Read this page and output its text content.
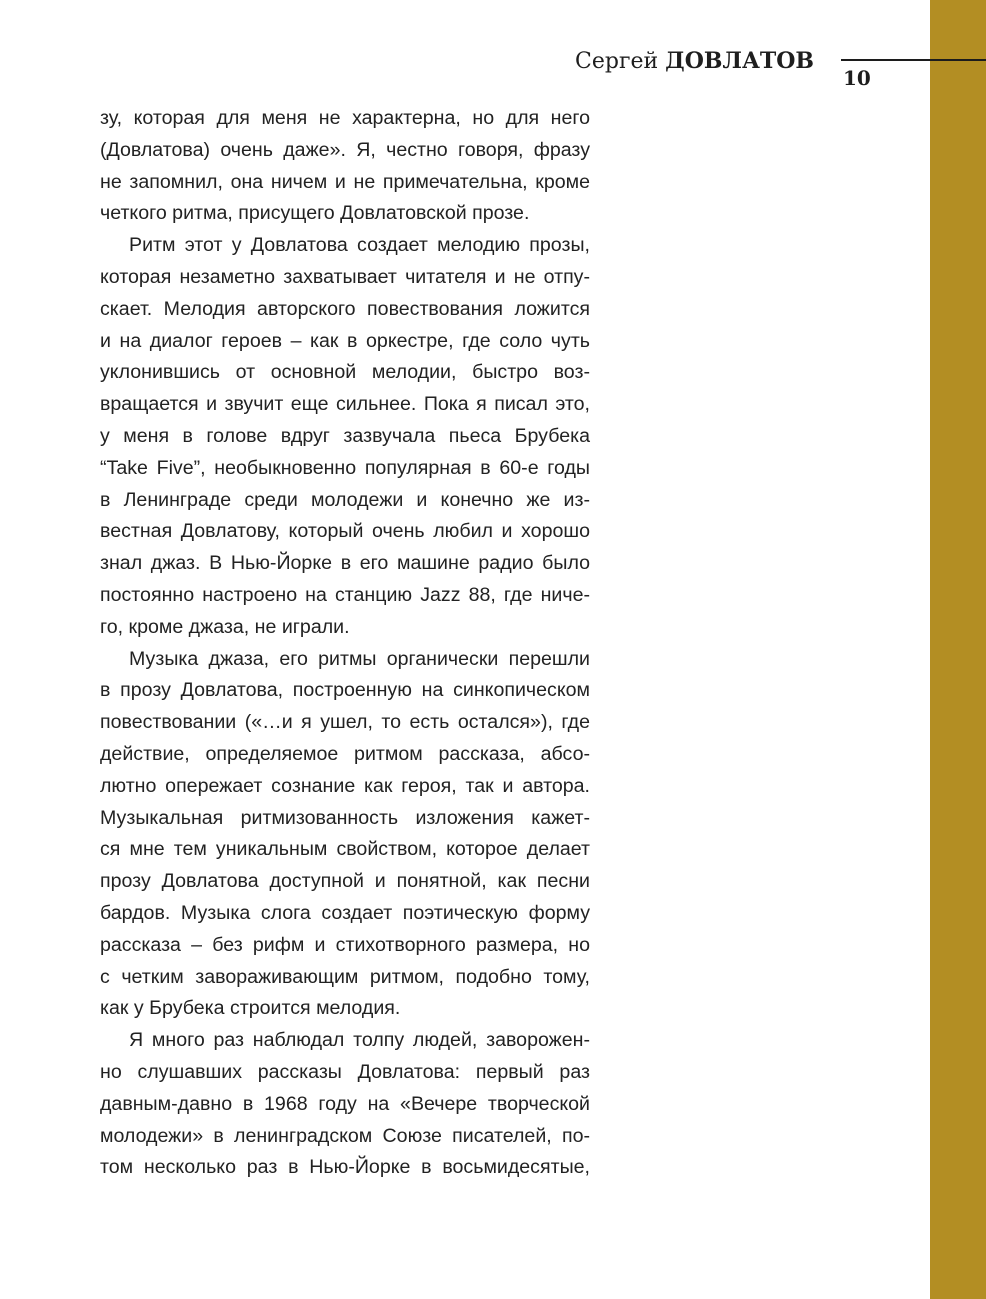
Сергей ДОВЛАТОВ
10
зу, которая для меня не характерна, но для него
(Довлатова) очень даже». Я, честно говоря, фразу
не запомнил, она ничем и не примечательна, кроме
четкого ритма, присущего Довлатовской прозе.
Ритм этот у Довлатова создает мелодию прозы,
которая незаметно захватывает читателя и не отпу-
скает. Мелодия авторского повествования ложится
и на диалог героев – как в оркестре, где соло чуть
уклонившись от основной мелодии, быстро воз-
вращается и звучит еще сильнее. Пока я писал это,
у меня в голове вдруг зазвучала пьеса Брубека
“Take Five”, необыкновенно популярная в 60-е годы
в Ленинграде среди молодежи и конечно же из-
вестная Довлатову, который очень любил и хорошо
знал джаз. В Нью-Йорке в его машине радио было
постоянно настроено на станцию Jazz 88, где ниче-
го, кроме джаза, не играли.
Музыка джаза, его ритмы органически перешли
в прозу Довлатова, построенную на синкопическом
повествовании («…и я ушел, то есть остался»), где
действие, определяемое ритмом рассказа, абсо-
лютно опережает сознание как героя, так и автора.
Музыкальная ритмизованность изложения кажет-
ся мне тем уникальным свойством, которое делает
прозу Довлатова доступной и понятной, как песни
бардов. Музыка слога создает поэтическую форму
рассказа – без рифм и стихотворного размера, но
с четким завораживающим ритмом, подобно тому,
как у Брубека строится мелодия.
Я много раз наблюдал толпу людей, заворожен-
но слушавших рассказы Довлатова: первый раз
давным-давно в 1968 году на «Вечере творческой
молодежи» в ленинградском Союзе писателей, по-
том несколько раз в Нью-Йорке в восьмидесятые,
